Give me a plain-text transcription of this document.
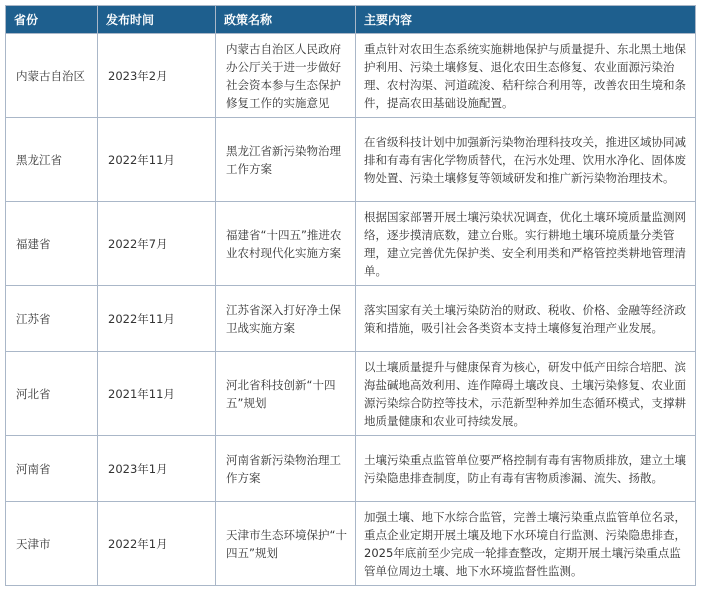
省份	发布时间	政策名称	主要内容
内蒙古自治区	2023年2月	内蒙古自治区人民政府办公厅关于进一步做好社会资本参与生态保护修复工作的实施意见	重点针对农田生态系统实施耕地保护与质量提升、东北黑土地保护利用、污染土壤修复、退化农田生态修复、农业面源污染治理、农村沟渠、河道疏浚、秸秆综合利用等，改善农田生境和条件，提高农田基础设施配置。
黑龙江省	2022年11月	黑龙江省新污染物治理工作方案	在省级科技计划中加强新污染物治理科技攻关，推进区域协同减排和有毒有害化学物质替代，在污水处理、饮用水净化、固体废物处置、污染土壤修复等领域研发和推广新污染物治理技术。
福建省	2022年7月	福建省“十四五”推进农业农村现代化实施方案	根据国家部署开展土壤污染状况调查，优化土壤环境质量监测网络，逐步摸清底数，建立台账。实行耕地土壤环境质量分类管理，建立完善优先保护类、安全利用类和严格管控类耕地管理清单。
江苏省	2022年11月	江苏省深入打好净土保卫战实施方案	落实国家有关土壤污染防治的财政、税收、价格、金融等经济政策和措施，吸引社会各类资本支持土壤修复治理产业发展。
河北省	2021年11月	河北省科技创新“十四五”规划	以土壤质量提升与健康保育为核心，研发中低产田综合培肥、滨海盐碱地高效利用、连作障碍土壤改良、土壤污染修复、农业面源污染综合防控等技术，示范新型种养加生态循环模式，支撑耕地质量健康和农业可持续发展。
河南省	2023年1月	河南省新污染物治理工作方案	土壤污染重点监管单位要严格控制有毒有害物质排放，建立土壤污染隐患排查制度，防止有毒有害物质渗漏、流失、扬散。
天津市	2022年1月	天津市生态环境保护“十四五”规划	加强土壤、地下水综合监管，完善土壤污染重点监管单位名录，重点企业定期开展土壤及地下水环境自行监测、污染隐患排查，2025年底前至少完成一轮排查整改，定期开展土壤污染重点监管单位周边土壤、地下水环境监督性监测。
